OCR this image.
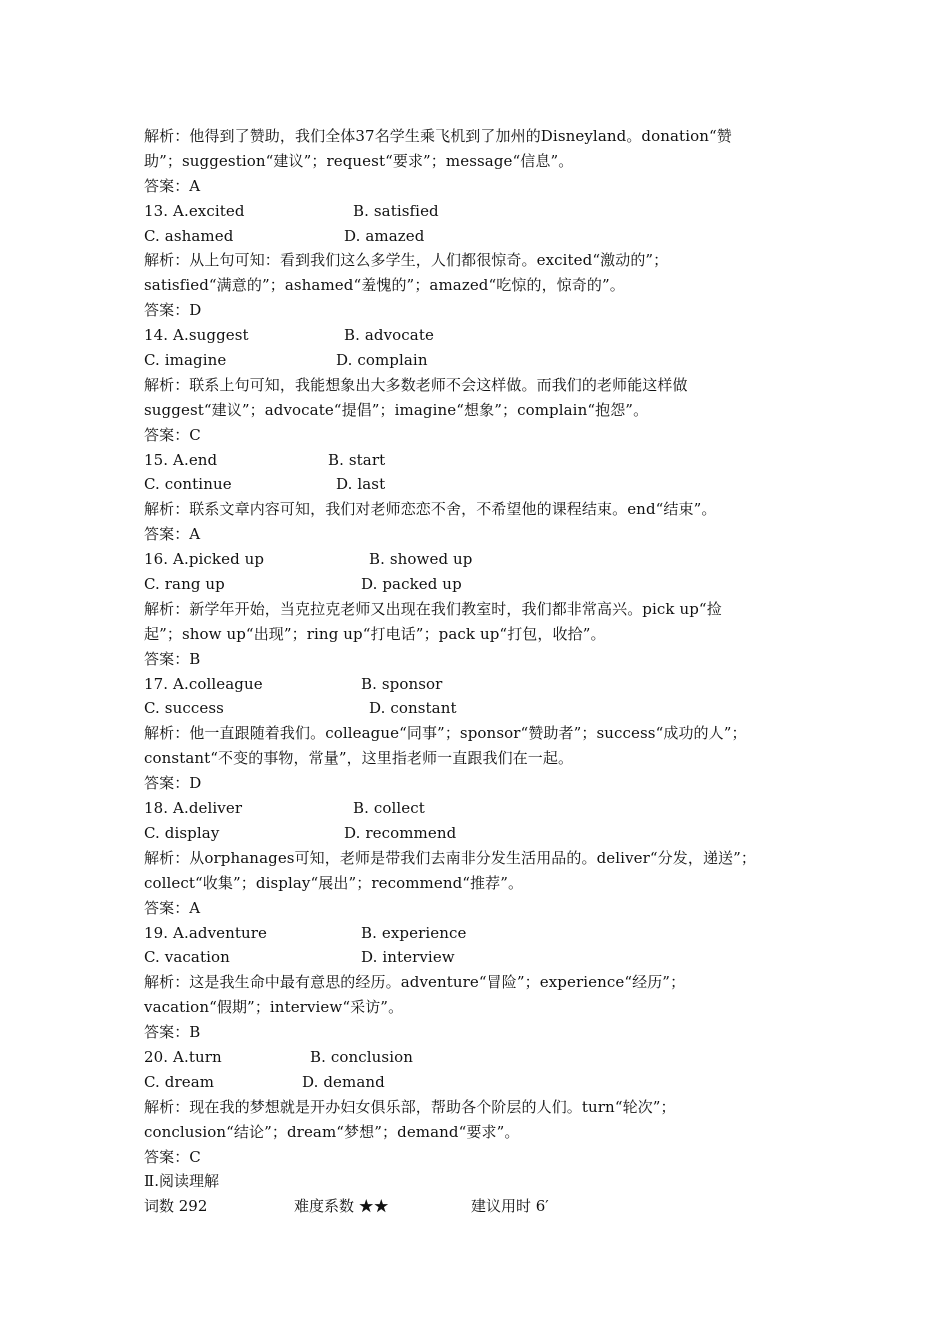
解析：他得到了赞助，我们全体37名学生乘飞机到了加州的Disneyland。donation“赞
助”；suggestion“建议”；request“要求”；message“信息”。
答案：A
13. A.excited	B. satisfied
C. ashamed	D. amazed
解析：从上句可知：看到我们这么多学生，人们都很惊奇。excited“激动的”；
satisfied“满意的”；ashamed“羞愧的”；amazed“吃惊的，惊奇的”。
答案：D
14. A.suggest	B. advocate
C. imagine	D. complain
解析：联系上句可知，我能想象出大多数老师不会这样做。而我们的老师能这样做
suggest“建议”；advocate“提倡”；imagine“想象”；complain“抱怨”。
答案：C
15. A.end	B. start
C. continue	D. last
解析：联系文章内容可知，我们对老师恋恋不舍，不希望他的课程结束。end“结束”。
答案：A
16. A.picked up	B. showed up
C. rang up	D. packed up
解析：新学年开始，当克拉克老师又出现在我们教室时，我们都非常高兴。pick up“捡
起”；show up“出现”；ring up“打电话”；pack up“打包，收拾”。
答案：B
17. A.colleague	B. sponsor
C. success	D. constant
解析：他一直跟随着我们。colleague“同事”；sponsor“赞助者”；success“成功的人”；
constant“不变的事物，常量”，这里指老师一直跟我们在一起。
答案：D
18. A.deliver	B. collect
C. display	D. recommend
解析：从orphanages可知，老师是带我们去南非分发生活用品的。deliver“分发，递送”；
collect“收集”；display“展出”；recommend“推荐”。
答案：A
19. A.adventure	B. experience
C. vacation	D. interview
解析：这是我生命中最有意思的经历。adventure“冒险”；experience“经历”；
vacation“假期”；interview“采访”。
答案：B
20. A.turn	B. conclusion
C. dream	D. demand
解析：现在我的梦想就是开办妇女俱乐部，帮助各个阶层的人们。turn“轮次”；
conclusion“结论”；dream“梦想”；demand“要求”。
答案：C
Ⅱ.阅读理解
词数 292	难度系数 ★★	建议用时 6′
